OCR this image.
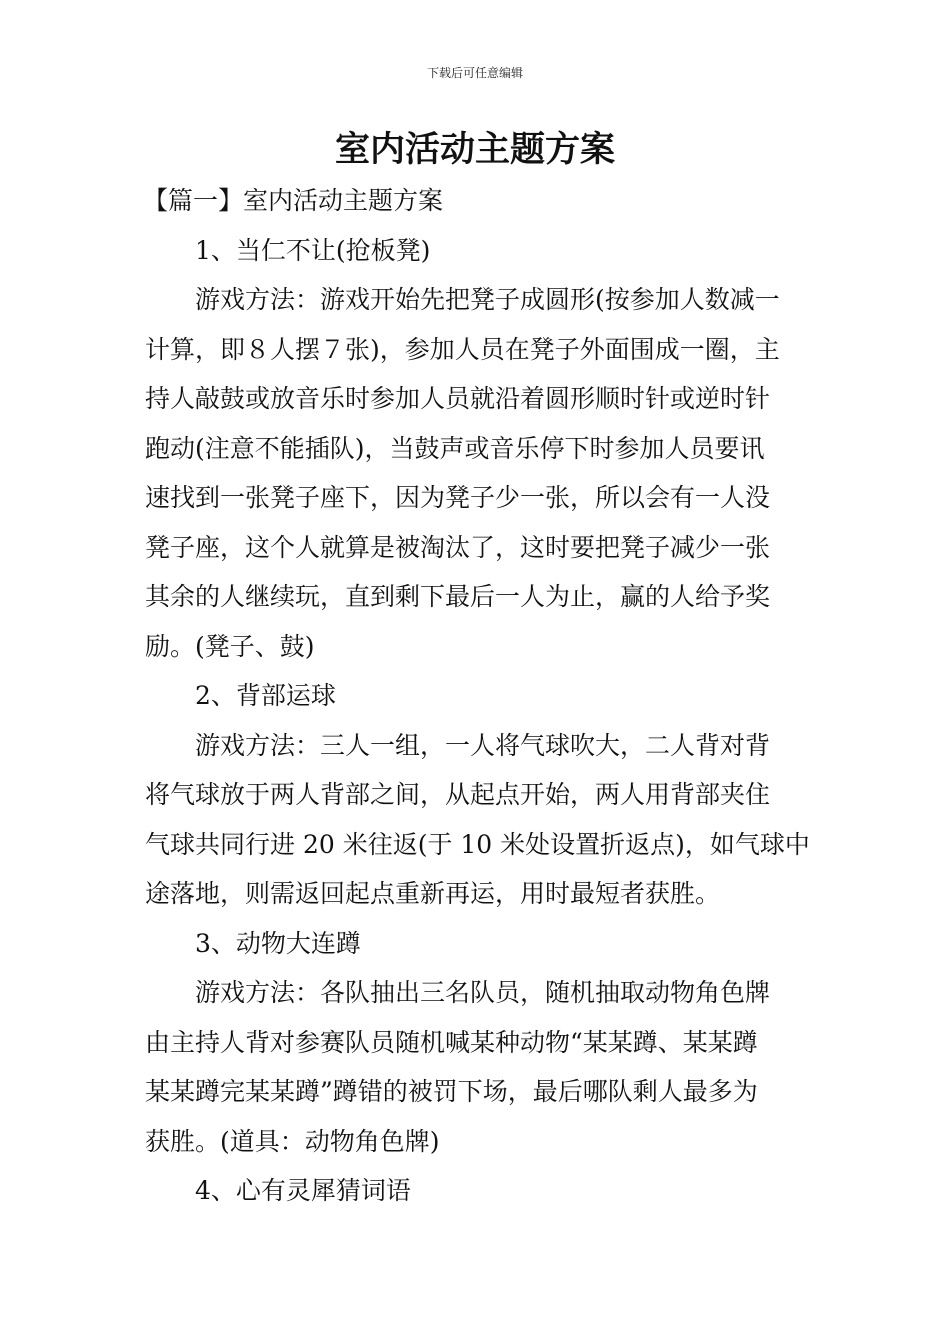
下载后可任意编辑
室内活动主题方案
【篇一】室内活动主题方案
1、当仁不让(抢板凳)
游戏方法：游戏开始先把凳子成圆形(按参加人数减一
计算，即８人摆７张)，参加人员在凳子外面围成一圈，主
持人敲鼓或放音乐时参加人员就沿着圆形顺时针或逆时针
跑动(注意不能插队)，当鼓声或音乐停下时参加人员要讯
速找到一张凳子座下，因为凳子少一张，所以会有一人没
凳子座，这个人就算是被淘汰了，这时要把凳子减少一张
其余的人继续玩，直到剩下最后一人为止，赢的人给予奖
励。(凳子、鼓)
2、背部运球
游戏方法：三人一组，一人将气球吹大，二人背对背
将气球放于两人背部之间，从起点开始，两人用背部夹住
气球共同行进 20 米往返(于 10 米处设置折返点)，如气球中
途落地，则需返回起点重新再运，用时最短者获胜。
3、动物大连蹲
游戏方法：各队抽出三名队员，随机抽取动物角色牌
由主持人背对参赛队员随机喊某种动物“某某蹲、某某蹲
某某蹲完某某蹲”蹲错的被罚下场，最后哪队剩人最多为
获胜。(道具：动物角色牌)
4、心有灵犀猜词语
